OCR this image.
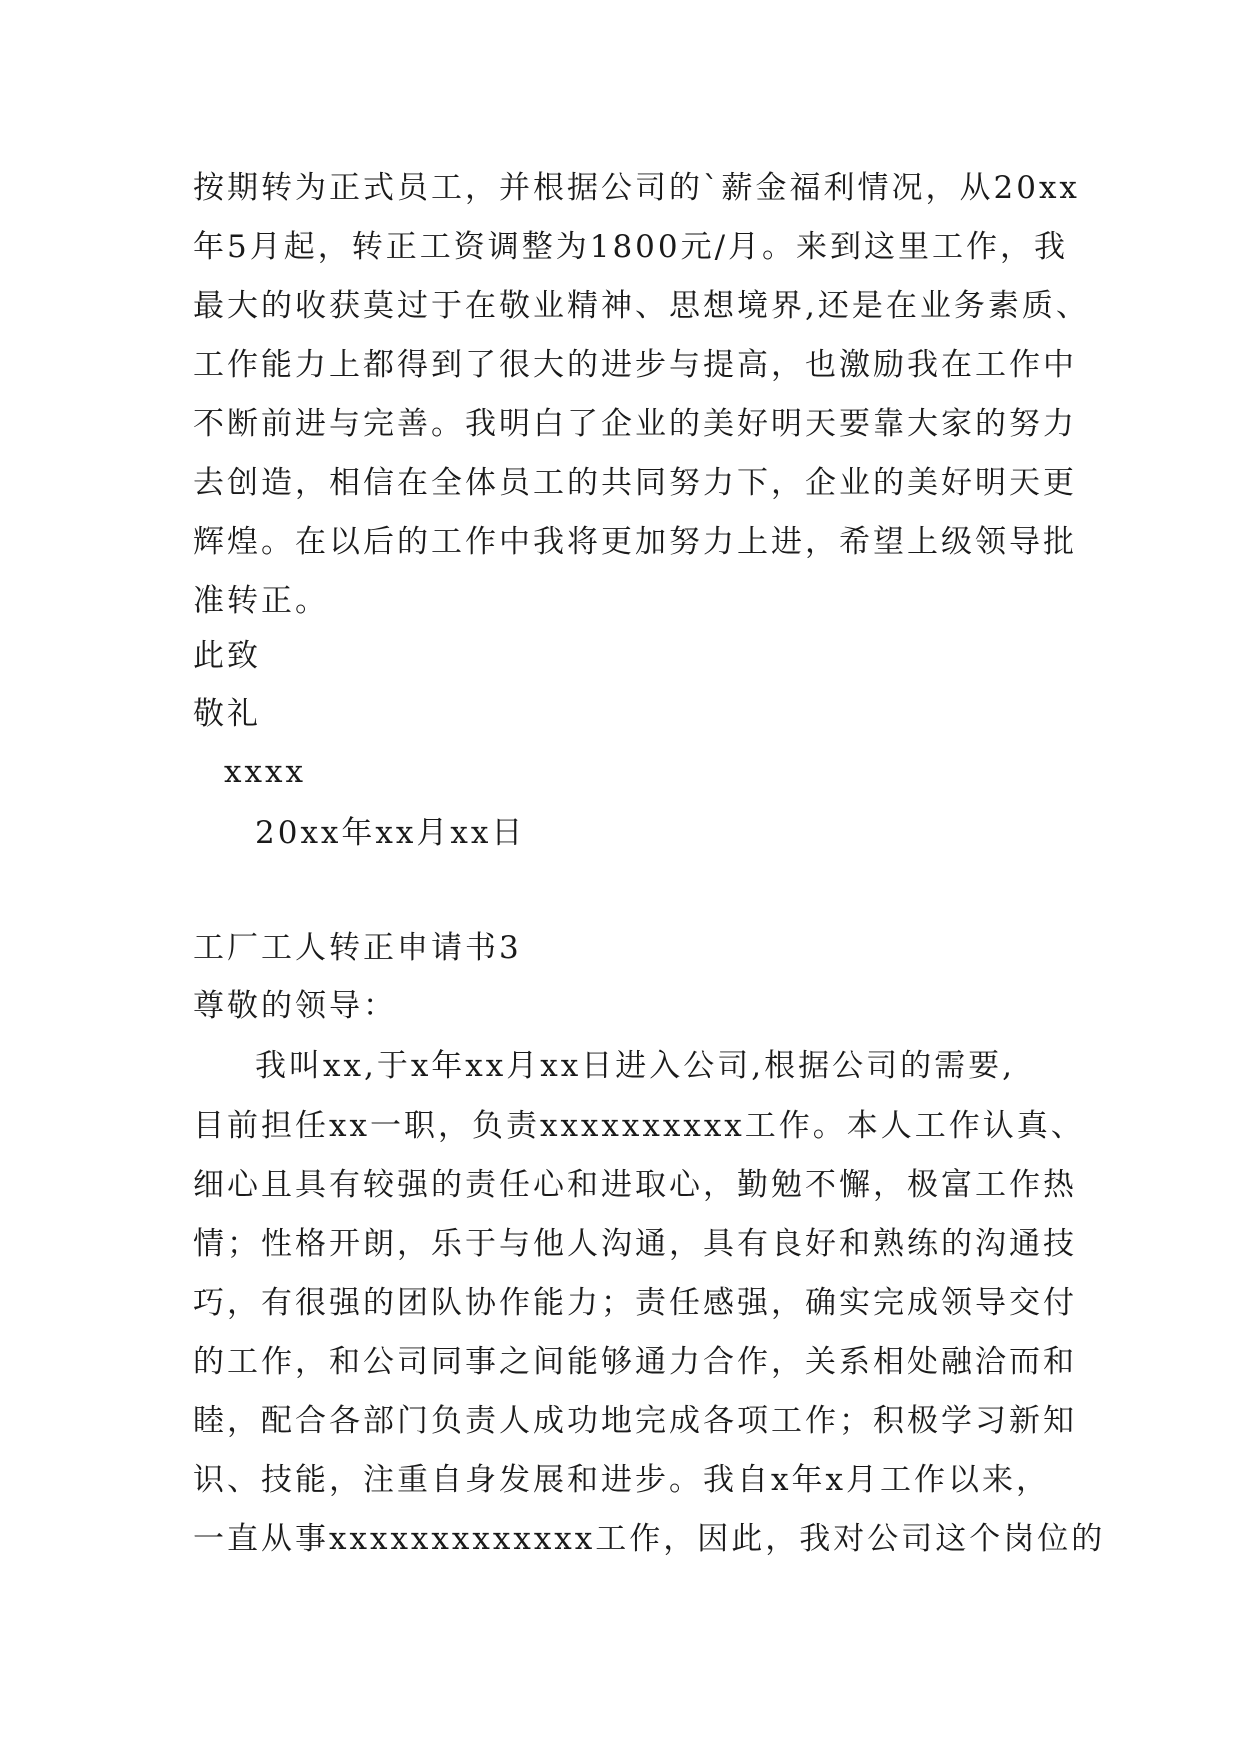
按期转为正式员工，并根据公司的`薪金福利情况，从20xx
年5月起，转正工资调整为1800元/月。来到这里工作，我
最大的收获莫过于在敬业精神、思想境界,还是在业务素质、
工作能力上都得到了很大的进步与提高，也激励我在工作中
不断前进与完善。我明白了企业的美好明天要靠大家的努力
去创造，相信在全体员工的共同努力下，企业的美好明天更
辉煌。在以后的工作中我将更加努力上进，希望上级领导批
准转正。
此致
敬礼
xxxx
20xx年xx月xx日
工厂工人转正申请书3
尊敬的领导：
我叫xx,于x年xx月xx日进入公司,根据公司的需要,
目前担任xx一职，负责xxxxxxxxxx工作。本人工作认真、
细心且具有较强的责任心和进取心，勤勉不懈，极富工作热
情；性格开朗，乐于与他人沟通，具有良好和熟练的沟通技
巧，有很强的团队协作能力；责任感强，确实完成领导交付
的工作，和公司同事之间能够通力合作，关系相处融洽而和
睦，配合各部门负责人成功地完成各项工作；积极学习新知
识、技能，注重自身发展和进步。我自x年x月工作以来，
一直从事xxxxxxxxxxxxx工作，因此，我对公司这个岗位的
